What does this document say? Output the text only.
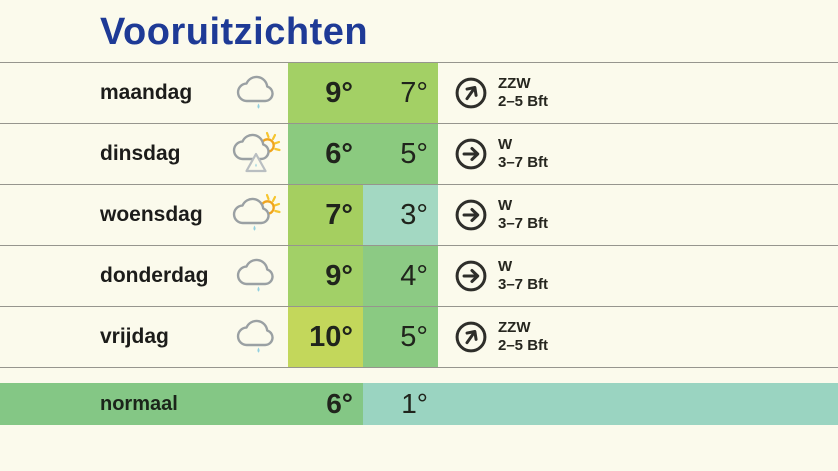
Vooruitzichten
maandag	9° 7°	ZZW
2–5 Bft
dinsdag	6° 5°	W
3–7 Bft
woensdag	7° 3°	W
3–7 Bft
donderdag	9° 4°	W
3–7 Bft
vrijdag	10° 5°	ZZW
2–5 Bft
normaal	6°	1°
